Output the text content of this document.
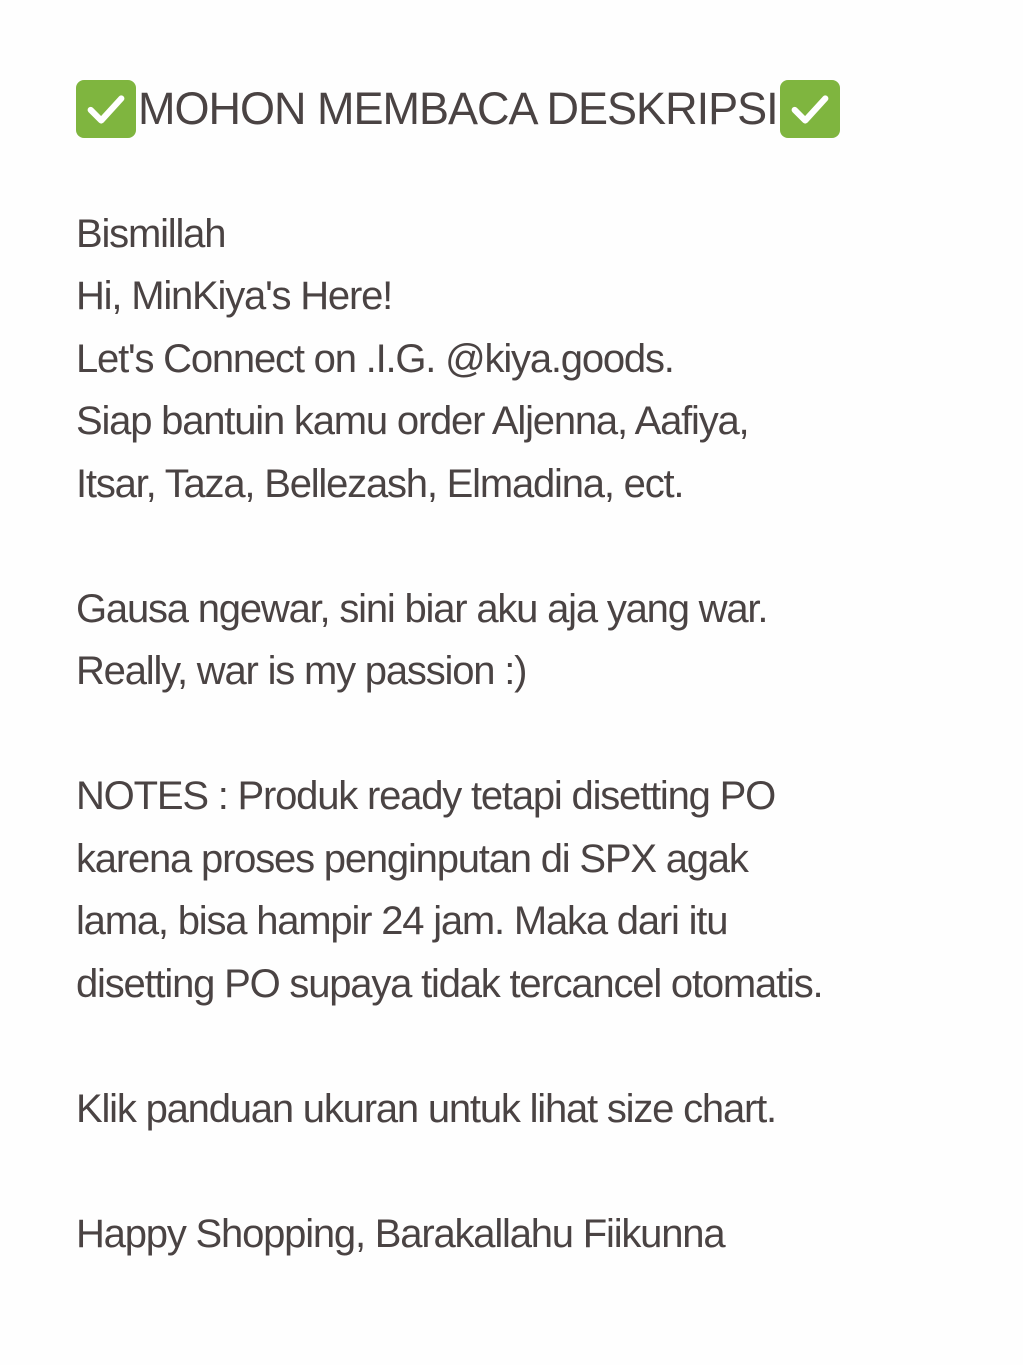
MOHON MEMBACA DESKRIPSI
Bismillah
Hi, MinKiya's Here!
Let's Connect on .I.G. @kiya.goods.
Siap bantuin kamu order Aljenna, Aafiya,
Itsar, Taza, Bellezash, Elmadina, ect.
Gausa ngewar, sini biar aku aja yang war.
Really, war is my passion :)
NOTES : Produk ready tetapi disetting PO
karena proses penginputan di SPX agak
lama, bisa hampir 24 jam. Maka dari itu
disetting PO supaya tidak tercancel otomatis.
Klik panduan ukuran untuk lihat size chart.
Happy Shopping, Barakallahu Fiikunna
